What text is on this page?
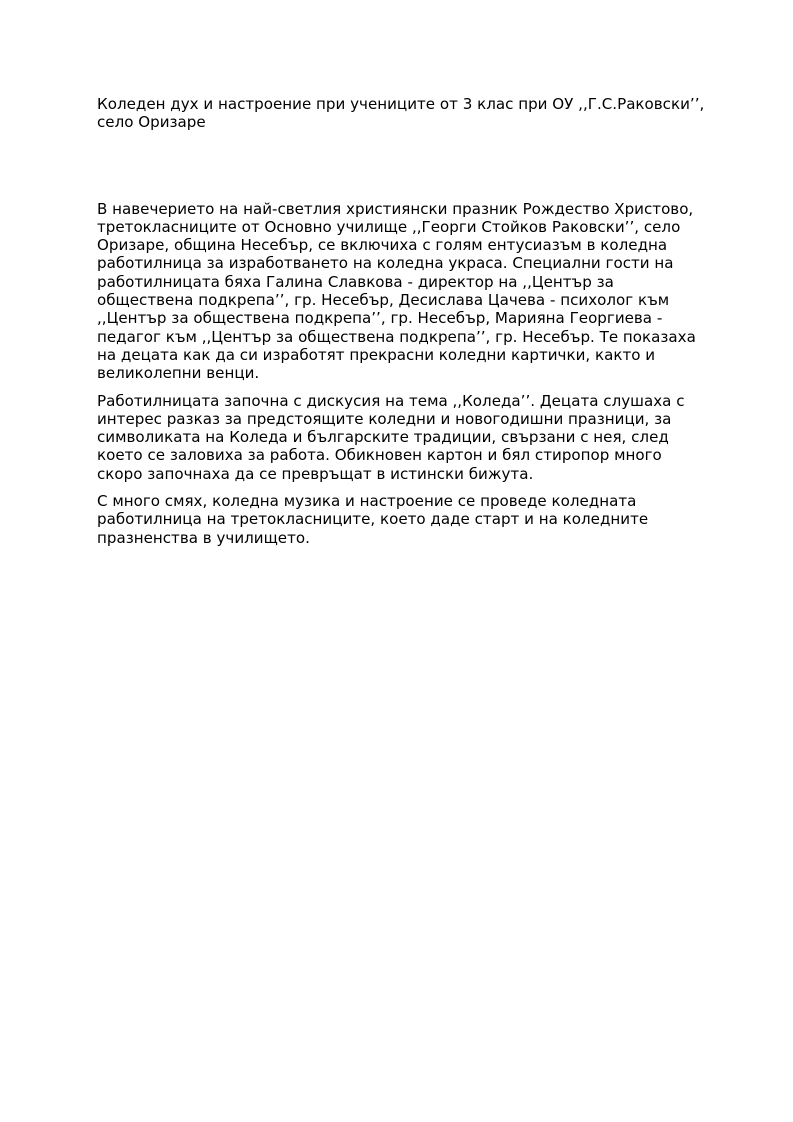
Коледен дух и настроение при учениците от 3 клас при ОУ ,,Г.С.Раковски’’, село Оризаре

В навечерието на най-светлия християнски празник Рождество Христово, третокласниците от Основно училище ,,Георги Стойков Раковски’’, село Оризаре, община Несебър, се включиха с голям ентусиазъм в коледна работилница за изработването на коледна украса. Специални гости на работилницата бяха Галина Славкова - директор на ,,Център за обществена подкрепа’’, гр. Несебър, Десислава Цачева - психолог към ,,Център за обществена подкрепа’’, гр. Несебър, Марияна Георгиева - педагог към ,,Център за обществена подкрепа’’, гр. Несебър. Те показаха на децата как да си изработят прекрасни коледни картички, както и великолепни венци.

Работилницата започна с дискусия на тема ,,Коледа’’. Децата слушаха с интерес разказ за предстоящите коледни и новогодишни празници, за символиката на Коледа и българските традиции, свързани с нея, след което се заловиха за работа. Обикновен картон и бял стиропор много скоро започнаха да се превръщат в истински бижута.

С много смях, коледна музика и настроение се проведе коледната работилница на третокласниците, което даде старт и на коледните празненства в училището.
